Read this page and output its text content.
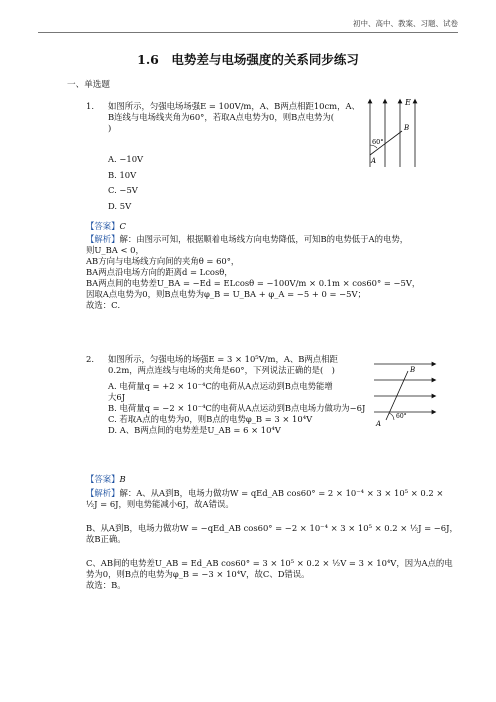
初中、高中、教案、习题、试卷
1.6　电势差与电场强度的关系同步练习
一、单选题
1. 如图所示，匀强电场场强E = 100V/m，A、B两点相距10cm，A、
B连线与电场线夹角为60°，若取A点电势为0，则B点电势为(
)
A. −10V
B. 10V
C. −5V
D. 5V
E
B
A
60°
【答案】C
【解析】解：由图示可知，根据顺着电场线方向电势降低，可知B的电势低于A的电势，
则U_BA < 0，
AB方向与电场线方向间的夹角θ = 60°，
BA两点沿电场方向的距离d = Lcosθ，
BA两点间的电势差U_BA = −Ed = ELcosθ = −100V/m × 0.1m × cos60° = −5V，
因取A点电势为0，则B点电势为φ_B = U_BA + φ_A = −5 + 0 = −5V；
故选：C．
2. 如图所示，匀强电场的场强E = 3 × 10⁵V/m，A、B两点相距
0.2m，两点连线与电场的夹角是60°，下列说法正确的是(　)
A. 电荷量q = +2 × 10⁻⁴C的电荷从A点运动到B点电势能增
大6J
B. 电荷量q = −2 × 10⁻⁴C的电荷从A点运动到B点电场力做功为−6J
C. 若取A点的电势为0，则B点的电势φ_B = 3 × 10⁴V
D. A、B两点间的电势差是U_AB = 6 × 10⁴V
B
A
60°
【答案】B
【解析】解：A、从A到B，电场力做功W = qEd_AB cos60° = 2 × 10⁻⁴ × 3 × 10⁵ × 0.2 ×
½J = 6J，则电势能减小6J，故A错误。
B、从A到B，电场力做功W = −qEd_AB cos60° = −2 × 10⁻⁴ × 3 × 10⁵ × 0.2 × ½J = −6J，
故B正确。
C、AB间的电势差U_AB = Ed_AB cos60° = 3 × 10⁵ × 0.2 × ½V = 3 × 10⁴V，因为A点的电
势为0，则B点的电势为φ_B = −3 × 10⁴V，故C、D错误。
故选：B。
